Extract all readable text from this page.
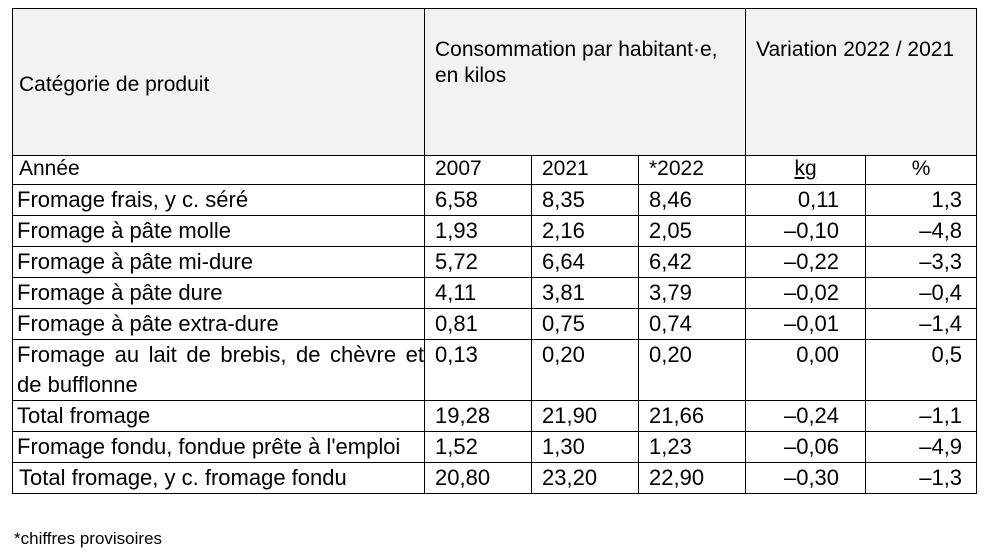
Catégorie de produit	Consommation par habitant·e, en kilos			Variation 2022 / 2021	
Année	2007	2021	*2022	kg	%
Fromage frais, y c. séré	6,58	8,35	8,46	0,11	1,3
Fromage à pâte molle	1,93	2,16	2,05	–0,10	–4,8
Fromage à pâte mi-dure	5,72	6,64	6,42	–0,22	–3,3
Fromage à pâte dure	4,11	3,81	3,79	–0,02	–0,4
Fromage à pâte extra-dure	0,81	0,75	0,74	–0,01	–1,4
Fromage au lait de brebis, de chèvre et de bufflonne	0,13	0,20	0,20	0,00	0,5
Total fromage	19,28	21,90	21,66	–0,24	–1,1
Fromage fondu, fondue prête à l'emploi	1,52	1,30	1,23	–0,06	–4,9
Total fromage, y c. fromage fondu	20,80	23,20	22,90	–0,30	–1,3
*chiffres provisoires
